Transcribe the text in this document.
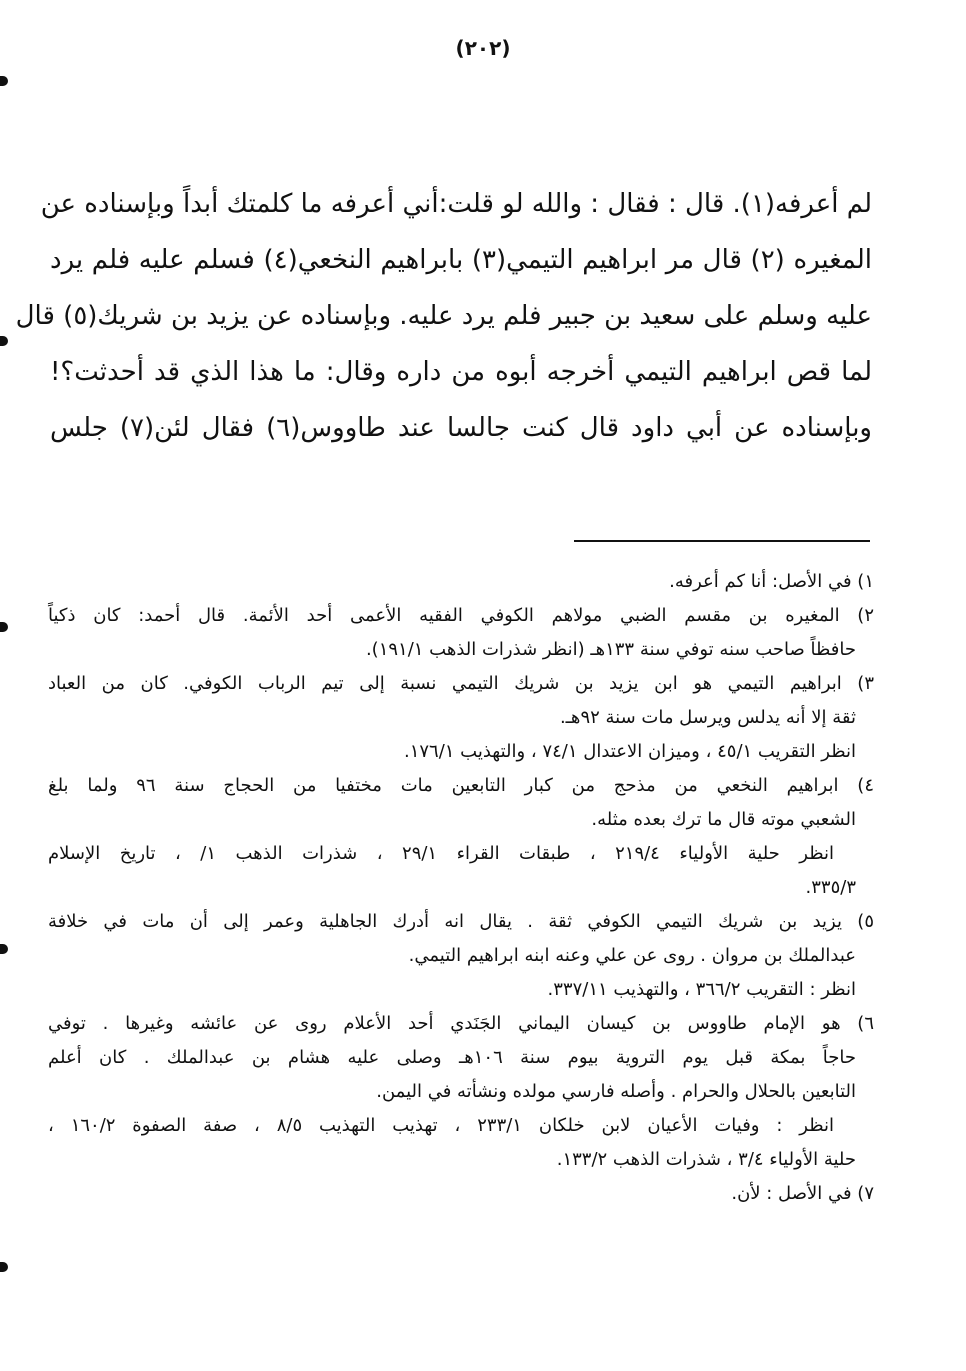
(٢٠٢)
لم أعرفه(١). قال : فقال : والله لو قلت:أني أعرفه ما كلمتك أبداً وبإسناده عن
المغيره (٢) قال مر ابراهيم التيمي(٣) بابراهيم النخعي(٤) فسلم عليه فلم يرد
عليه وسلم على سعيد بن جبير فلم يرد عليه. وبإسناده عن يزيد بن شريك(٥) قال
لما قص ابراهيم التيمي أخرجه أبوه من داره وقال: ما هذا الذي قد أحدثت؟!
وبإسناده عن أبي داود قال كنت جالسا عند طاووس(٦) فقال لئن(٧) جلس
١) في الأصل: أنا كم أعرفه.
٢) المغيره بن مقسم الضبي مولاهم الكوفي الفقيه الأعمى أحد الأئمة. قال أحمد: كان ذكياً
حافظاً صاحب سنه توفي سنة ١٣٣هـ (انظر شذرات الذهب ١٩١/١).
٣) ابراهيم التيمي هو ابن يزيد بن شريك التيمي نسبة إلى تيم الرباب الكوفي. كان من العباد
ثقة إلا أنه يدلس ويرسل مات سنة ٩٢هـ.
انظر التقريب ٤٥/١ ، وميزان الاعتدال ٧٤/١ ، والتهذيب ١٧٦/١.
٤) ابراهيم النخعي من مذحج من كبار التابعين مات مختفيا من الحجاج سنة ٩٦ ولما بلغ
الشعبي موته قال ما ترك بعده مثله.
انظر حلية الأولياء ٢١٩/٤ ، طبقات القراء ٢٩/١ ، شذرات الذهب ١/ ، تاريخ الإسلام
٣٣٥/٣.
٥) يزيد بن شريك التيمي الكوفي ثقة . يقال انه أدرك الجاهلية وعمر إلى أن مات في خلافة
عبدالملك بن مروان . روى عن علي وعنه ابنه ابراهيم التيمي.
انظر : التقريب ٣٦٦/٢ ، والتهذيب ٣٣٧/١١.
٦) هو الإمام طاووس بن كيسان اليماني الجَنَدي أحد الأعلام روى عن عائشه وغيرها . توفي
حاجاً بمكة قبل يوم التروية بيوم سنة ١٠٦هـ وصلى عليه هشام بن عبدالملك . كان أعلم
التابعين بالحلال والحرام . وأصله فارسي مولده ونشأته في اليمن.
انظر : وفيات الأعيان لابن خلكان ٢٣٣/١ ، تهذيب التهذيب ٨/٥ ، صفة الصفوة ١٦٠/٢ ،
حلية الأولياء ٣/٤ ، شذرات الذهب ١٣٣/٢.
٧) في الأصل : لأن.
